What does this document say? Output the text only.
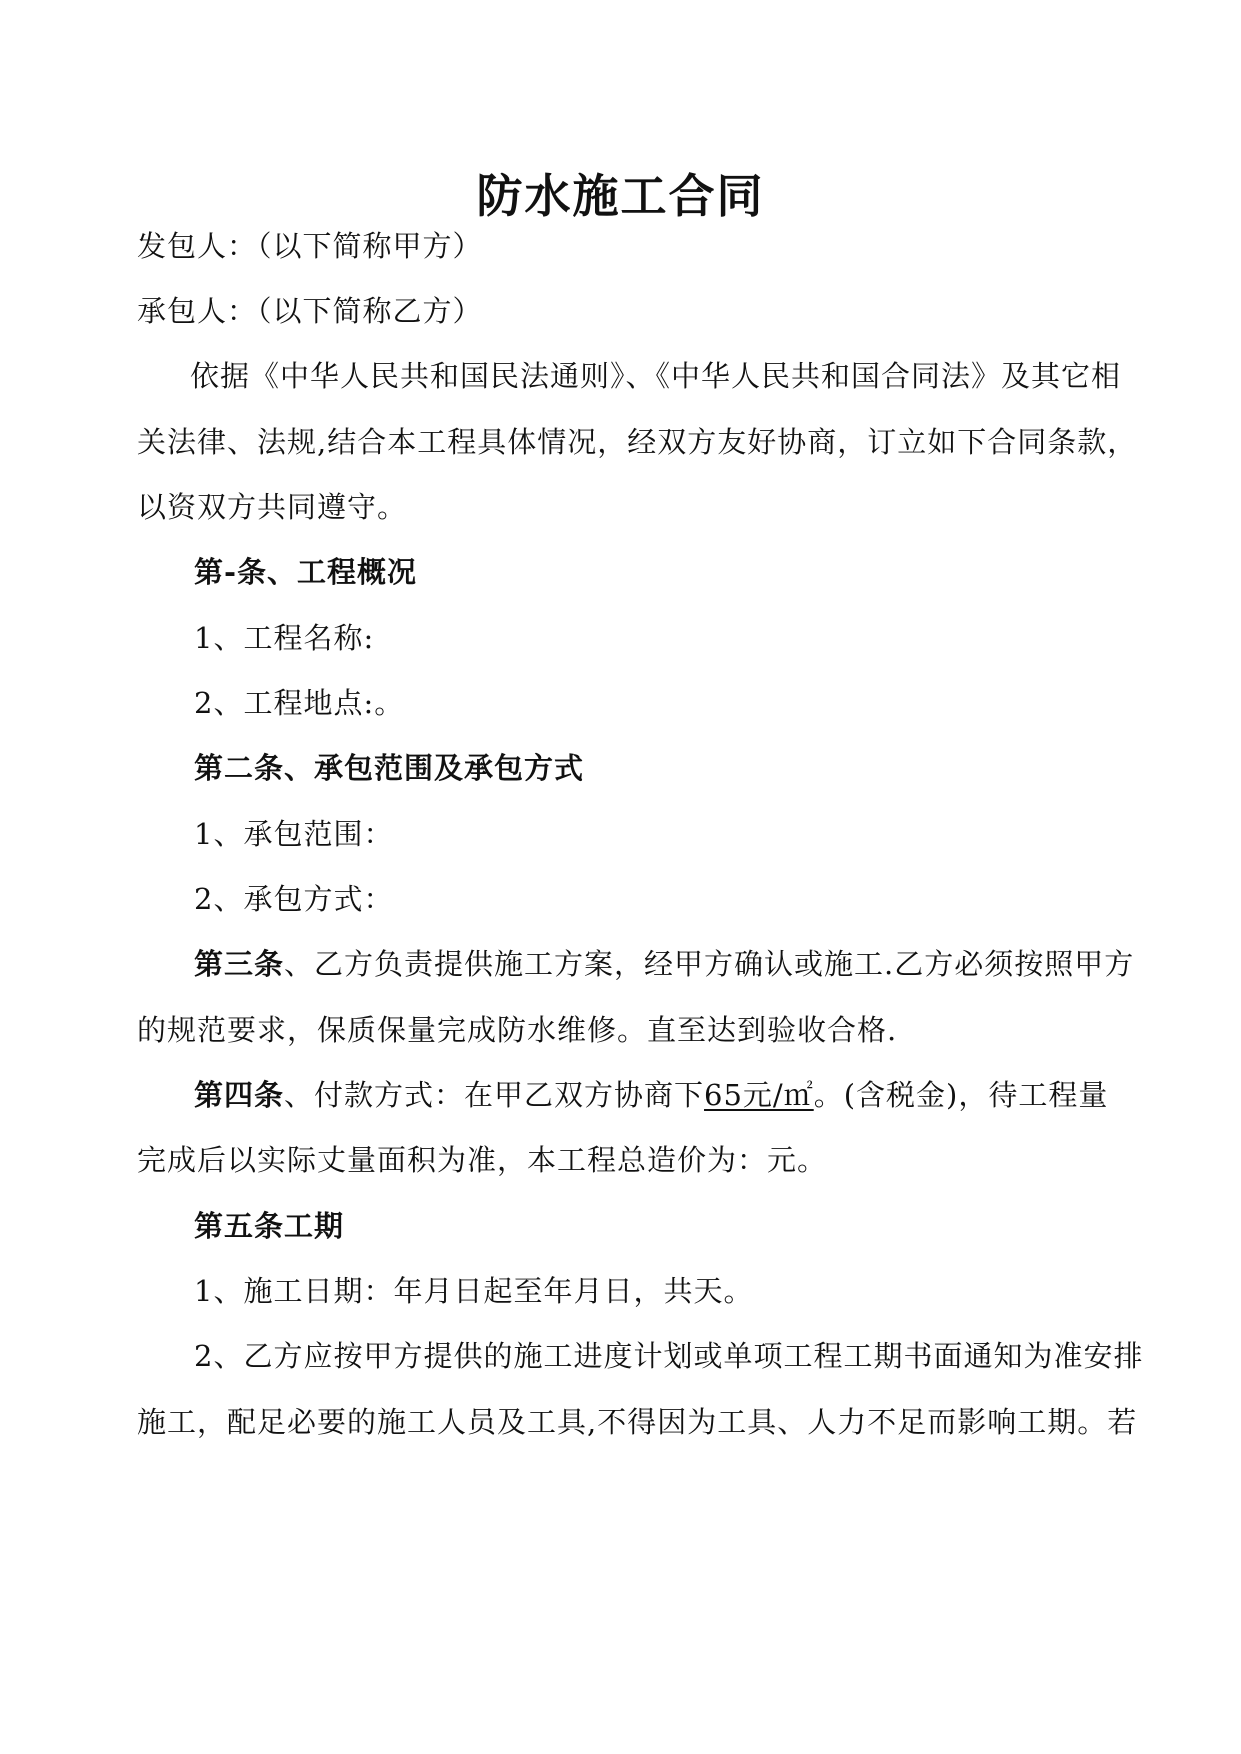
防水施工合同
发包人：（以下简称甲方）
承包人：（以下简称乙方）
依据《中华人民共和国民法通则》、《中华人民共和国合同法》及其它相
关法律、法规,结合本工程具体情况，经双方友好协商，订立如下合同条款，
以资双方共同遵守。
第-条、工程概况
1、工程名称:
2、工程地点:。
第二条、承包范围及承包方式
1、承包范围：
2、承包方式：
第三条、乙方负责提供施工方案，经甲方确认或施工.乙方必须按照甲方
的规范要求，保质保量完成防水维修。直至达到验收合格.
第四条、付款方式：在甲乙双方协商下65元/㎡。(含税金)，待工程量
完成后以实际丈量面积为准，本工程总造价为：元。
第五条工期
1、施工日期：年月日起至年月日，共天。
2、乙方应按甲方提供的施工进度计划或单项工程工期书面通知为准安排
施工，配足必要的施工人员及工具,不得因为工具、人力不足而影响工期。若
